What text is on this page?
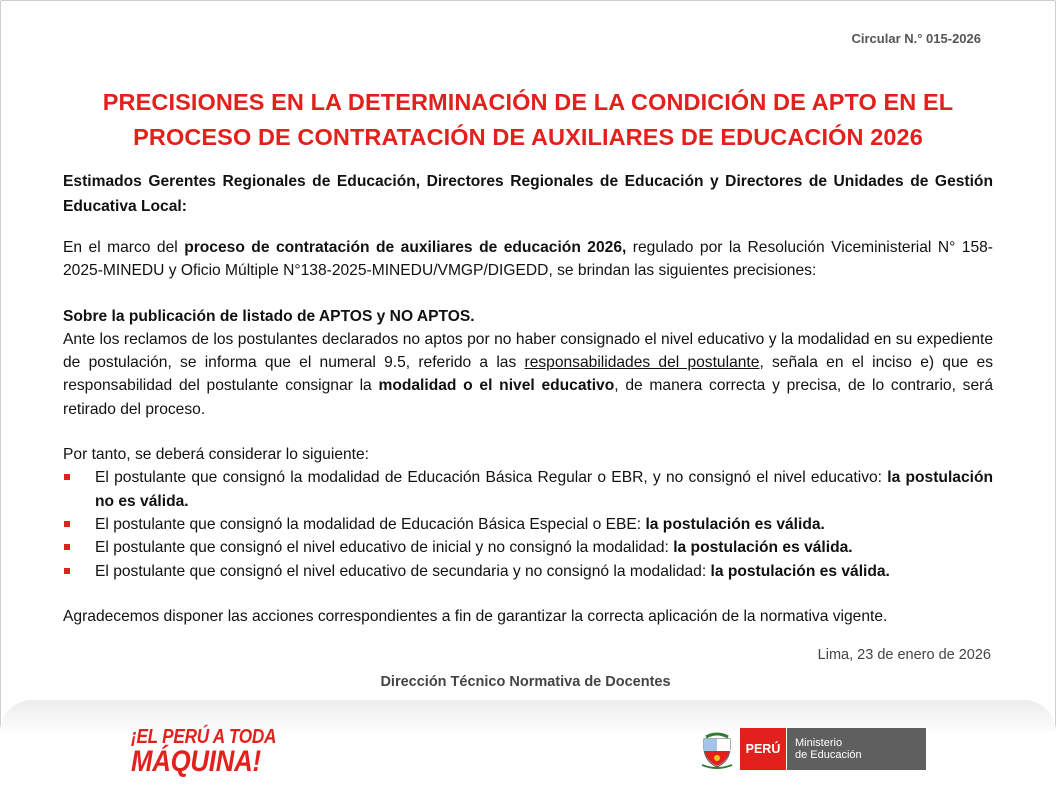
Circular N.° 015-2026
PRECISIONES EN LA DETERMINACIÓN DE LA CONDICIÓN DE APTO EN EL
PROCESO DE CONTRATACIÓN DE AUXILIARES DE EDUCACIÓN 2026

Estimados Gerentes Regionales de Educación, Directores Regionales de Educación y Directores de Unidades de Gestión Educativa Local:

En el marco del proceso de contratación de auxiliares de educación 2026, regulado por la Resolución Viceministerial N° 158-2025-MINEDU y Oficio Múltiple N°138-2025-MINEDU/VMGP/DIGEDD, se brindan las siguientes precisiones:

Sobre la publicación de listado de APTOS y NO APTOS.

Ante los reclamos de los postulantes declarados no aptos por no haber consignado el nivel educativo y la modalidad en su expediente de postulación, se informa que el numeral 9.5, referido a las responsabilidades del postulante, señala en el inciso e) que es responsabilidad del postulante consignar la modalidad o el nivel educativo, de manera correcta y precisa, de lo contrario, será retirado del proceso.

Por tanto, se deberá considerar lo siguiente:

El postulante que consignó la modalidad de Educación Básica Regular o EBR, y no consignó el nivel educativo: la postulación no es válida.
El postulante que consignó la modalidad de Educación Básica Especial o EBE: la postulación es válida.
El postulante que consignó el nivel educativo de inicial y no consignó la modalidad: la postulación es válida.
El postulante que consignó el nivel educativo de secundaria y no consignó la modalidad: la postulación es válida.

Agradecemos disponer las acciones correspondientes a fin de garantizar la correcta aplicación de la normativa vigente.

Lima, 23 de enero de 2026
Dirección Técnico Normativa de Docentes
¡EL PERÚ A TODA
MÁQUINA!	PERÚ	Ministerio
de Educación
